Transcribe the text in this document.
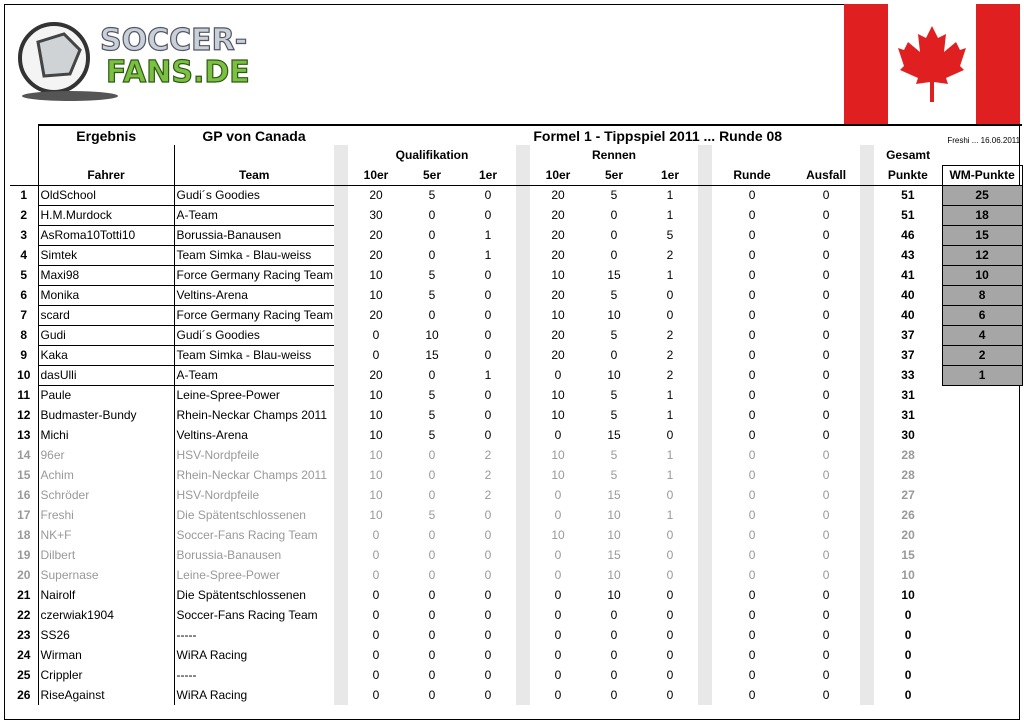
SOCCER-
FANS.DE
	Ergebnis	GP von Canada	Formel 1 - Tippspiel 2011 ... Runde 08											Freshi ... 16.06.2011		
				Qualifikation				Rennen							Gesamt	
	Fahrer	Team		10er	5er	1er		10er	5er	1er		Runde	Ausfall		Punkte	WM-Punkte
1	OldSchool	Gudi´s Goodies		20	5	0		20	5	1		0	0		51	25
2	H.M.Murdock	A-Team		30	0	0		20	0	1		0	0		51	18
3	AsRoma10Totti10	Borussia-Banausen		20	0	1		20	0	5		0	0		46	15
4	Simtek	Team Simka - Blau-weiss		20	0	1		20	0	2		0	0		43	12
5	Maxi98	Force Germany Racing Team		10	5	0		10	15	1		0	0		41	10
6	Monika	Veltins-Arena		10	5	0		20	5	0		0	0		40	8
7	scard	Force Germany Racing Team		20	0	0		10	10	0		0	0		40	6
8	Gudi	Gudi´s Goodies		0	10	0		20	5	2		0	0		37	4
9	Kaka	Team Simka - Blau-weiss		0	15	0		20	0	2		0	0		37	2
10	dasUlli	A-Team		20	0	1		0	10	2		0	0		33	1
11	Paule	Leine-Spree-Power		10	5	0		10	5	1		0	0		31	
12	Budmaster-Bundy	Rhein-Neckar Champs 2011		10	5	0		10	5	1		0	0		31	
13	Michi	Veltins-Arena		10	5	0		0	15	0		0	0		30	
14	96er	HSV-Nordpfeile		10	0	2		10	5	1		0	0		28	
15	Achim	Rhein-Neckar Champs 2011		10	0	2		10	5	1		0	0		28	
16	Schröder	HSV-Nordpfeile		10	0	2		0	15	0		0	0		27	
17	Freshi	Die Spätentschlossenen		10	5	0		0	10	1		0	0		26	
18	NK+F	Soccer-Fans Racing Team		0	0	0		10	10	0		0	0		20	
19	Dilbert	Borussia-Banausen		0	0	0		0	15	0		0	0		15	
20	Supernase	Leine-Spree-Power		0	0	0		0	10	0		0	0		10	
21	Nairolf	Die Spätentschlossenen		0	0	0		0	10	0		0	0		10	
22	czerwiak1904	Soccer-Fans Racing Team		0	0	0		0	0	0		0	0		0	
23	SS26	-----		0	0	0		0	0	0		0	0		0	
24	Wirman	WiRA Racing		0	0	0		0	0	0		0	0		0	
25	Crippler	-----		0	0	0		0	0	0		0	0		0	
26	RiseAgainst	WiRA Racing		0	0	0		0	0	0		0	0		0	
